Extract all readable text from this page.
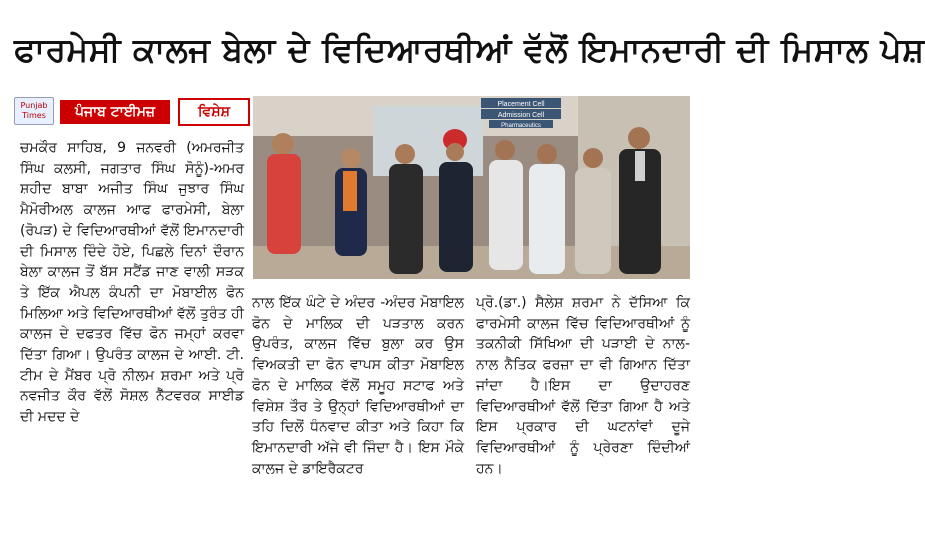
ਫਾਰਮੇਸੀ ਕਾਲਜ ਬੇਲਾ ਦੇ ਵਿਦਿਆਰਥੀਆਂ ਵੱਲੋਂ ਇਮਾਨਦਾਰੀ ਦੀ ਮਿਸਾਲ ਪੇਸ਼
Punjab Times	ਪੰਜਾਬ ਟਾਈਮਜ਼	ਵਿਸ਼ੇਸ਼	Placement Cell
Admission Cell
Pharmaceutics
ਚਮਕੌਰ ਸਾਹਿਬ, 9 ਜਨਵਰੀ (ਅਮਰਜੀਤ ਸਿੰਘ ਕਲਸੀ, ਜਗਤਾਰ ਸਿੰਘ ਸੋਨੂੰ)-ਅਮਰ ਸ਼ਹੀਦ ਬਾਬਾ ਅਜੀਤ ਸਿੰਘ ਜੁਝਾਰ ਸਿੰਘ ਮੈਮੋਰੀਅਲ ਕਾਲਜ ਆਫ ਫਾਰਮੇਸੀ, ਬੇਲਾ (ਰੋਪੜ) ਦੇ ਵਿਦਿਆਰਥੀਆਂ ਵੱਲੋਂ ਇਮਾਨਦਾਰੀ ਦੀ ਮਿਸਾਲ ਦਿੰਦੇ ਹੋਏ, ਪਿਛਲੇ ਦਿਨਾਂ ਦੌਰਾਨ ਬੇਲਾ ਕਾਲਜ ਤੋਂ ਬੱਸ ਸਟੈਂਡ ਜਾਣ ਵਾਲੀ ਸੜਕ ਤੇ ਇੱਕ ਐਪਲ ਕੰਪਨੀ ਦਾ ਮੋਬਾਈਲ ਫੋਨ ਮਿਲਿਆ ਅਤੇ ਵਿਦਿਆਰਥੀਆਂ ਵੱਲੋਂ ਤੁਰੰਤ ਹੀ ਕਾਲਜ ਦੇ ਦਫਤਰ ਵਿੱਚ ਫੋਨ ਜਮ੍ਹਾਂ ਕਰਵਾ ਦਿੱਤਾ ਗਿਆ। ਉਪਰੰਤ ਕਾਲਜ ਦੇ ਆਈ. ਟੀ. ਟੀਮ ਦੇ ਮੈਂਬਰ ਪ੍ਰੋ ਨੀਲਮ ਸ਼ਰਮਾ ਅਤੇ ਪ੍ਰੋ ਨਵਜੀਤ ਕੌਰ ਵੱਲੋਂ ਸੋਸ਼ਲ ਨੈੱਟਵਰਕ ਸਾਈਡ ਦੀ ਮਦਦ ਦੇ
ਨਾਲ ਇੱਕ ਘੰਟੇ ਦੇ ਅੰਦਰ -ਅੰਦਰ ਮੋਬਾਇਲ ਫੋਨ ਦੇ ਮਾਲਿਕ ਦੀ ਪੜਤਾਲ ਕਰਨ ਉਪਰੰਤ, ਕਾਲਜ ਵਿੱਚ ਬੁਲਾ ਕਰ ਉਸ ਵਿਅਕਤੀ ਦਾ ਫੋਨ ਵਾਪਸ ਕੀਤਾ ਮੋਬਾਇਲ ਫੋਨ ਦੇ ਮਾਲਿਕ ਵੱਲੋਂ ਸਮੂਹ ਸਟਾਫ ਅਤੇ ਵਿਸ਼ੇਸ਼ ਤੌਰ ਤੇ ਉਨ੍ਹਾਂ ਵਿਦਿਆਰਥੀਆਂ ਦਾ ਤਹਿ ਦਿਲੋਂ ਧੰਨਵਾਦ ਕੀਤਾ ਅਤੇ ਕਿਹਾ ਕਿ ਇਮਾਨਦਾਰੀ ਅੱਜੇ ਵੀ ਜਿੰਦਾ ਹੈ। ਇਸ ਮੌਕੇ ਕਾਲਜ ਦੇ ਡਾਇਰੈਕਟਰ
ਪ੍ਰੋ.(ਡਾ.) ਸੈਲੇਸ਼ ਸ਼ਰਮਾ ਨੇ ਦੱਸਿਆ ਕਿ ਫਾਰਮੇਸੀ ਕਾਲਜ ਵਿੱਚ ਵਿਦਿਆਰਥੀਆਂ ਨੂੰ ਤਕਨੀਕੀ ਸਿੱਖਿਆ ਦੀ ਪੜਾਈ ਦੇ ਨਾਲ-ਨਾਲ ਨੈਤਿਕ ਫਰਜ਼ਾ ਦਾ ਵੀ ਗਿਆਨ ਦਿੱਤਾ ਜਾਂਦਾ ਹੈ।ਇਸ ਦਾ ਉਦਾਹਰਣ ਵਿਦਿਆਰਥੀਆਂ ਵੱਲੋਂ ਦਿੱਤਾ ਗਿਆ ਹੈ ਅਤੇ ਇਸ ਪ੍ਰਕਾਰ ਦੀ ਘਟਨਾਂਵਾਂ ਦੂਜੇ ਵਿਦਿਆਰਥੀਆਂ ਨੂੰ ਪ੍ਰੇਰਣਾ ਦਿੰਦੀਆਂ ਹਨ।
